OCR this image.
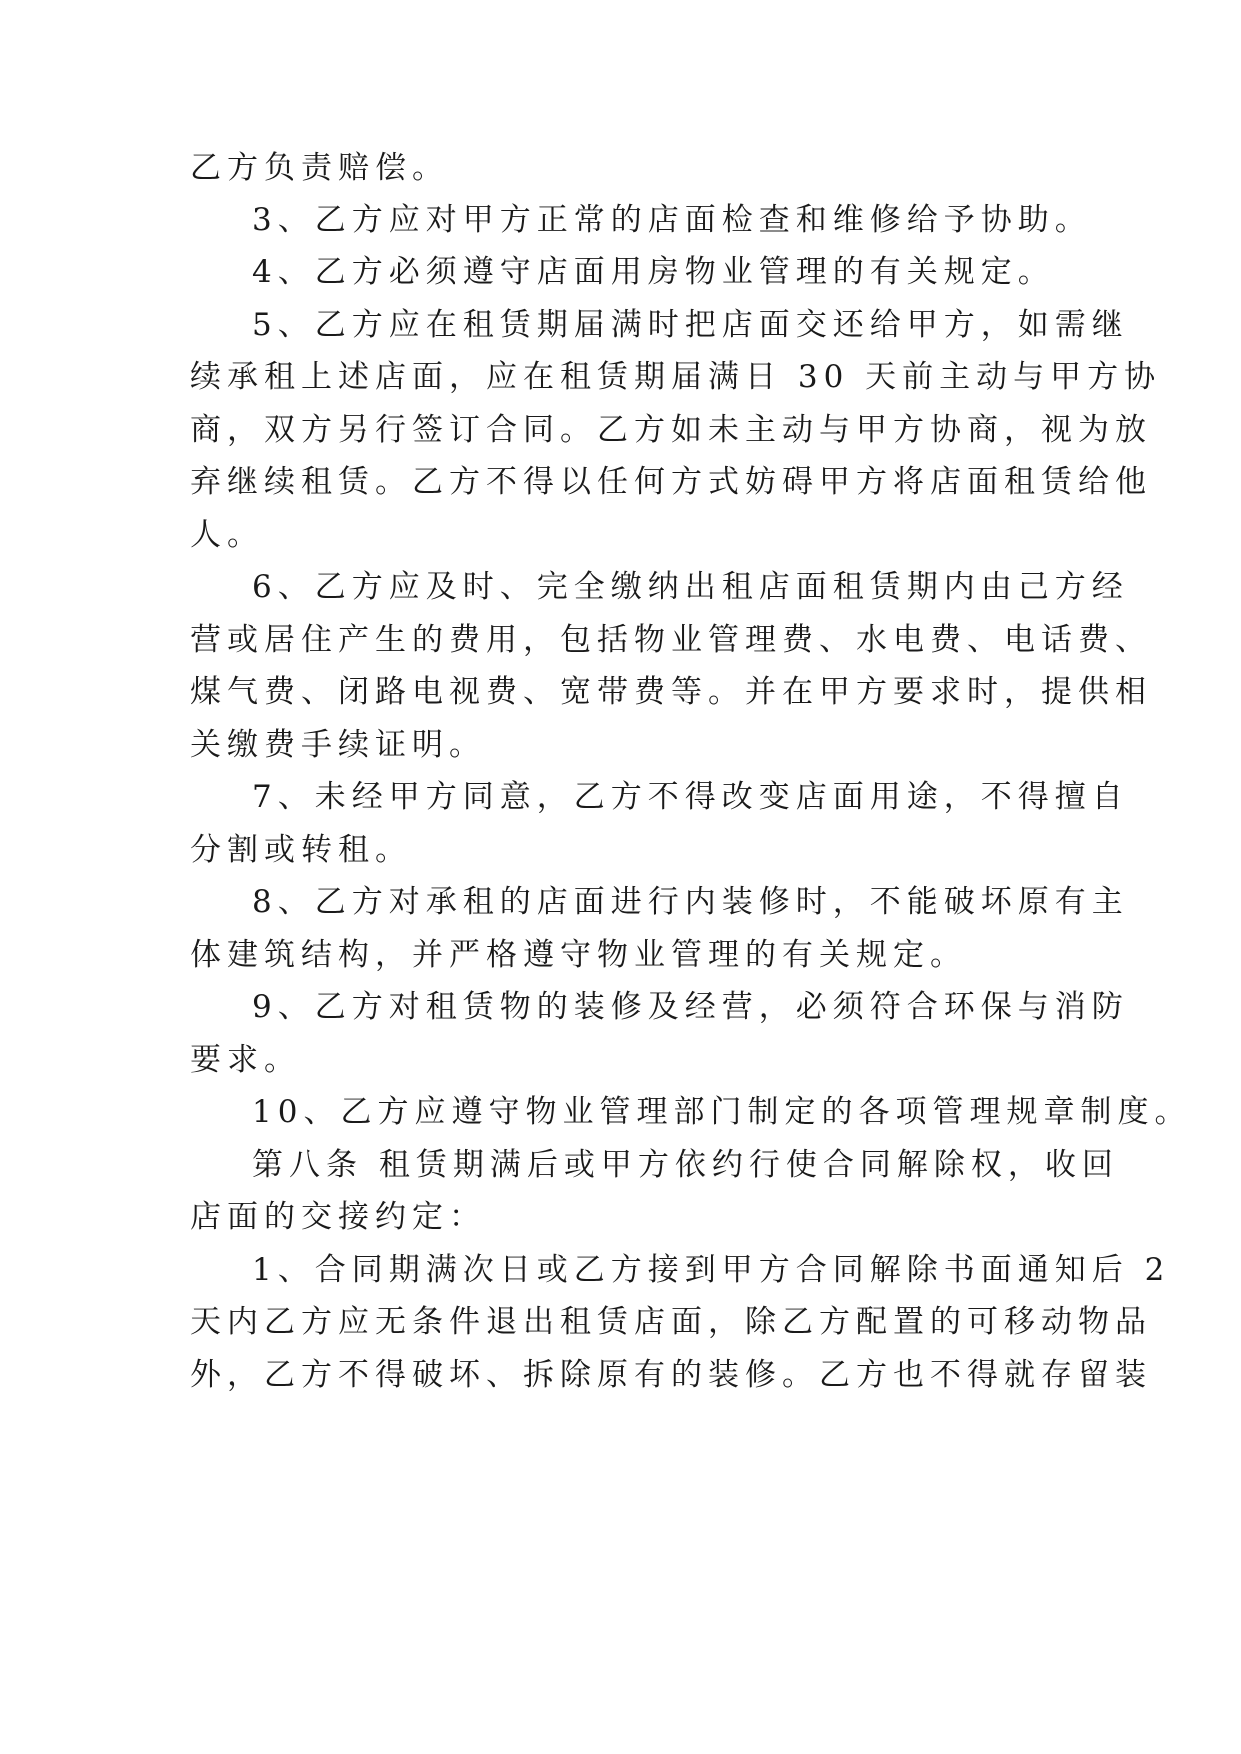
乙方负责赔偿。
3、乙方应对甲方正常的店面检查和维修给予协助。
4、乙方必须遵守店面用房物业管理的有关规定。
5、乙方应在租赁期届满时把店面交还给甲方，如需继
续承租上述店面，应在租赁期届满日 30 天前主动与甲方协
商，双方另行签订合同。乙方如未主动与甲方协商，视为放
弃继续租赁。乙方不得以任何方式妨碍甲方将店面租赁给他
人。
6、乙方应及时、完全缴纳出租店面租赁期内由己方经
营或居住产生的费用，包括物业管理费、水电费、电话费、
煤气费、闭路电视费、宽带费等。并在甲方要求时，提供相
关缴费手续证明。
7、未经甲方同意，乙方不得改变店面用途，不得擅自
分割或转租。
8、乙方对承租的店面进行内装修时，不能破坏原有主
体建筑结构，并严格遵守物业管理的有关规定。
9、乙方对租赁物的装修及经营，必须符合环保与消防
要求。
10、乙方应遵守物业管理部门制定的各项管理规章制度。
第八条 租赁期满后或甲方依约行使合同解除权，收回
店面的交接约定：
1、合同期满次日或乙方接到甲方合同解除书面通知后 2
天内乙方应无条件退出租赁店面，除乙方配置的可移动物品
外，乙方不得破坏、拆除原有的装修。乙方也不得就存留装
